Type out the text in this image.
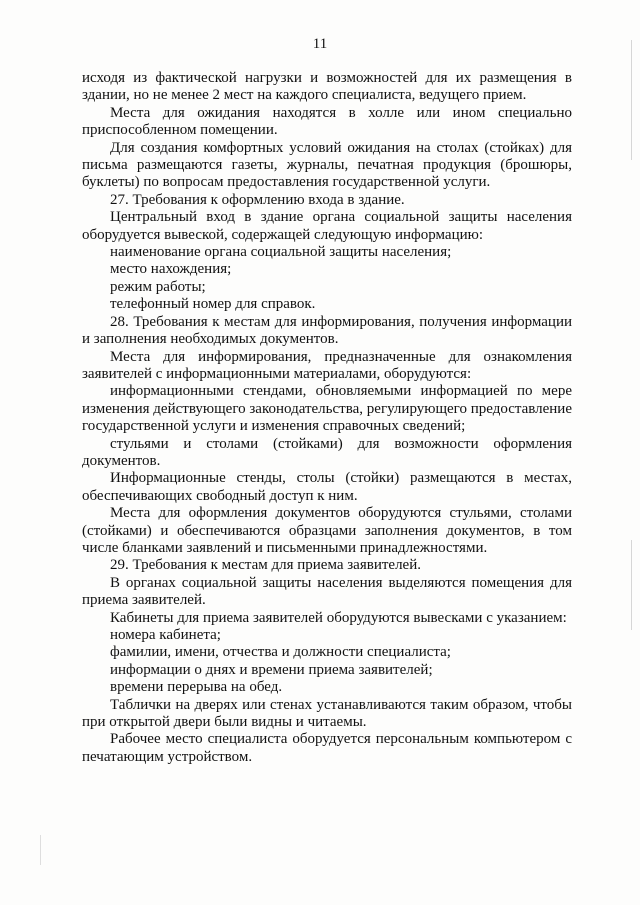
11

исходя из фактической нагрузки и возможностей для их размещения в здании, но не менее 2 мест на каждого специалиста, ведущего прием.

Места для ожидания находятся в холле или ином специально приспособленном помещении.

Для создания комфортных условий ожидания на столах (стойках) для письма размещаются газеты, журналы, печатная продукция (брошюры, буклеты) по вопросам предоставления государственной услуги.

27. Требования к оформлению входа в здание.

Центральный вход в здание органа социальной защиты населения оборудуется вывеской, содержащей следующую информацию:

наименование органа социальной защиты населения;

место нахождения;

режим работы;

телефонный номер для справок.

28. Требования к местам для информирования, получения информации и заполнения необходимых документов.

Места для информирования, предназначенные для ознакомления заявителей с информационными материалами, оборудуются:

информационными стендами, обновляемыми информацией по мере изменения действующего законодательства, регулирующего предоставление государственной услуги и изменения справочных сведений;

стульями и столами (стойками) для возможности оформления документов.

Информационные стенды, столы (стойки) размещаются в местах, обеспечивающих свободный доступ к ним.

Места для оформления документов оборудуются стульями, столами (стойками) и обеспечиваются образцами заполнения документов, в том числе бланками заявлений и письменными принадлежностями.

29. Требования к местам для приема заявителей.

В органах социальной защиты населения выделяются помещения для приема заявителей.

Кабинеты для приема заявителей оборудуются вывесками с указанием:

номера кабинета;

фамилии, имени, отчества и должности специалиста;

информации о днях и времени приема заявителей;

времени перерыва на обед.

Таблички на дверях или стенах устанавливаются таким образом, чтобы при открытой двери были видны и читаемы.

Рабочее место специалиста оборудуется персональным компьютером с печатающим устройством.
